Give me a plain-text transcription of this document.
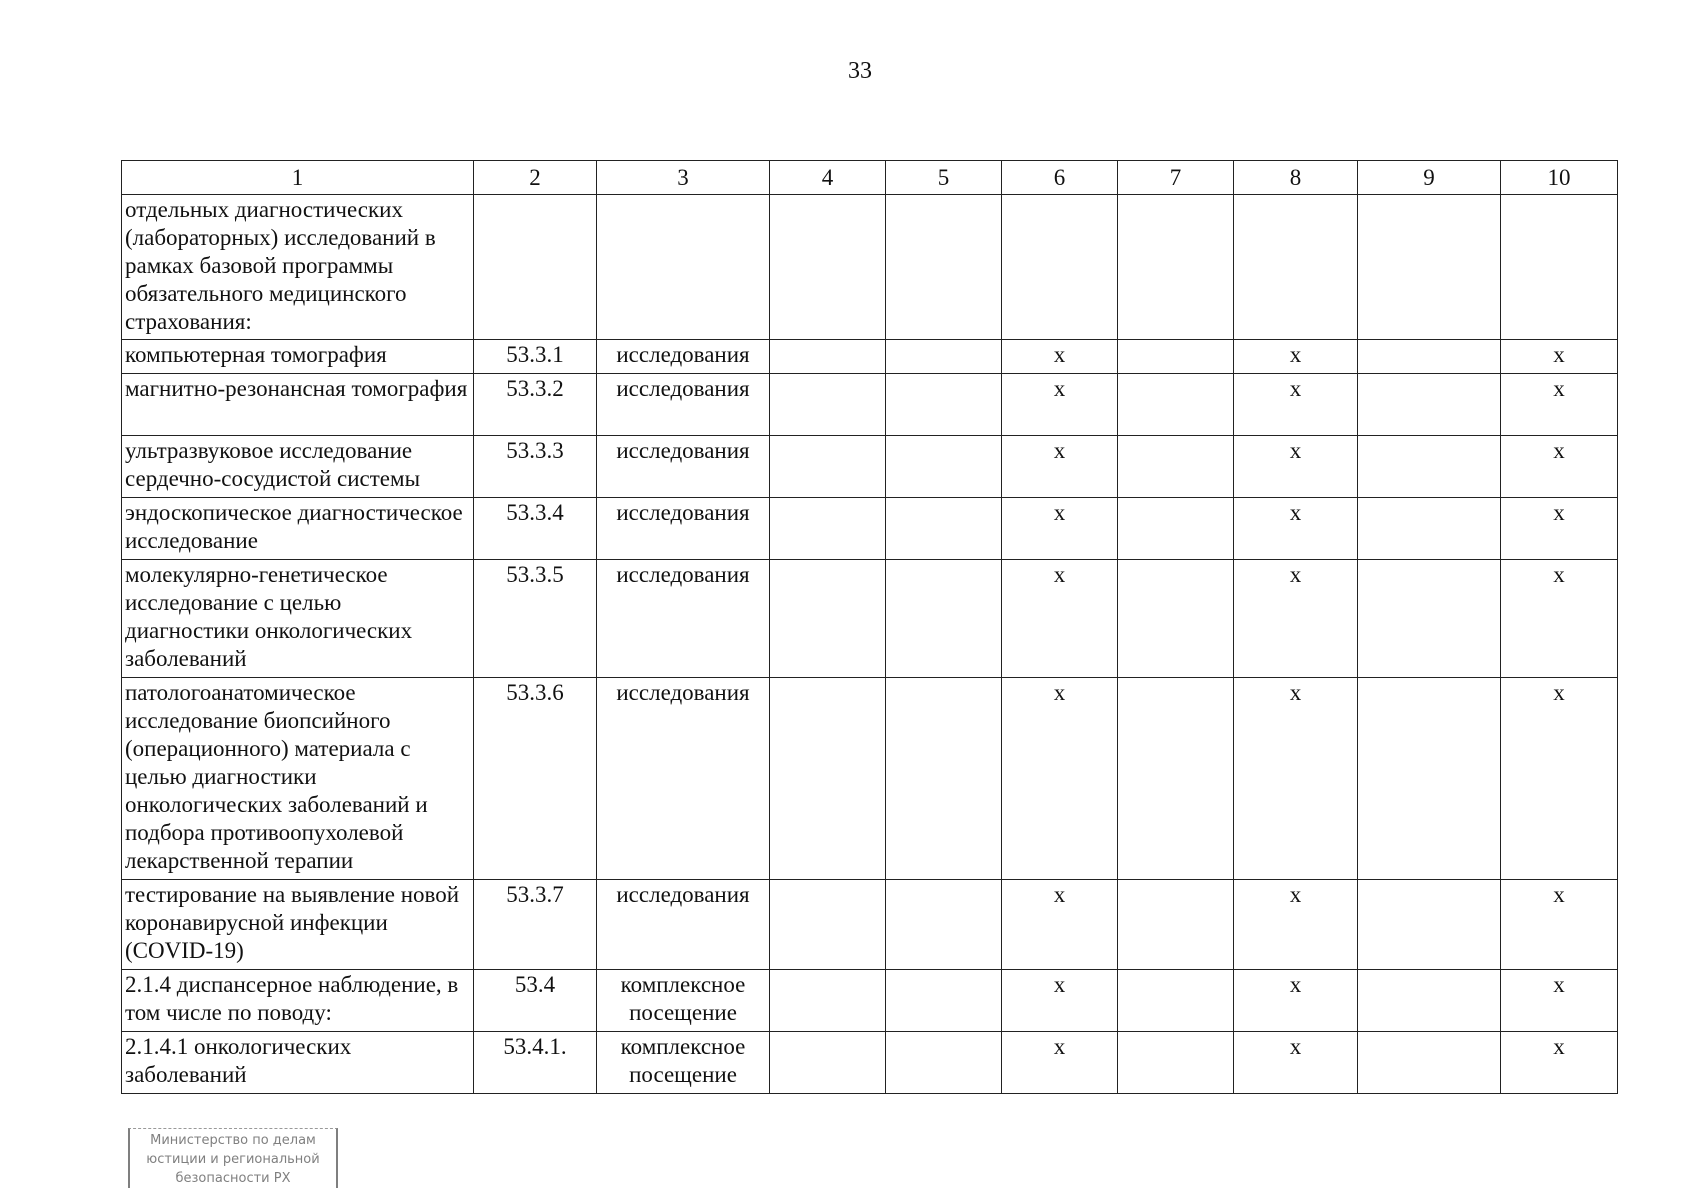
33
1	2	3	4	5	6	7	8	9	10
отдельных диагностических (лабораторных) исследований в рамках базовой программы обязательного медицинского страхования:									
компьютерная томография	53.3.1	исследования			х		х		х
магнитно-резонансная томография	53.3.2	исследования			х		х		х
ультразвуковое исследование сердечно-сосудистой системы	53.3.3	исследования			х		х		х
эндоскопическое диагностическое исследование	53.3.4	исследования			х		х		х
молекулярно-генетическое исследование с целью диагностики онкологических заболеваний	53.3.5	исследования			х		х		х
патологоанатомическое исследование биопсийного (операционного) материала с целью диагностики онкологических заболеваний и подбора противоопухолевой лекарственной терапии	53.3.6	исследования			х		х		х
тестирование на выявление новой коронавирусной инфекции (COVID-19)	53.3.7	исследования			х		х		х
2.1.4 диспансерное наблюдение, в том числе по поводу:	53.4	комплексное посещение			х		х		х
2.1.4.1 онкологических заболеваний	53.4.1.	комплексное посещение			х		х		х
Министерство по делам
юстиции и региональной
безопасности РХ
